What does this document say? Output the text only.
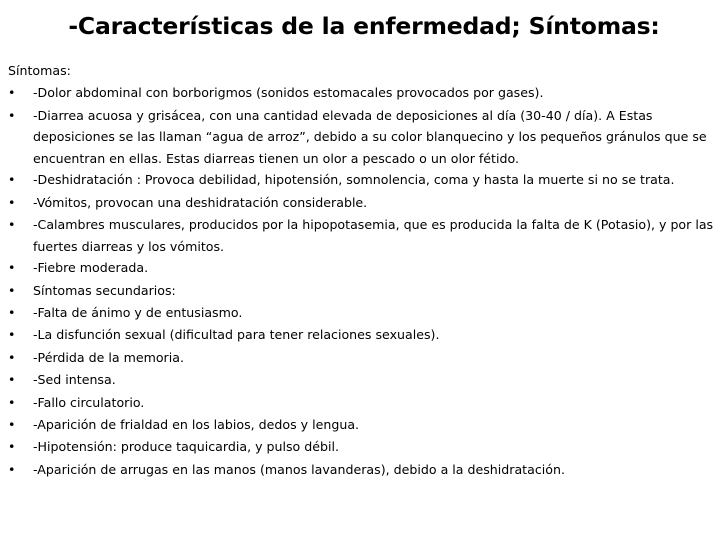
-Características de la enfermedad; Síntomas:

Síntomas:

• -Dolor abdominal con borborigmos (sonidos estomacales provocados por gases).
• -Diarrea acuosa y grisácea, con una cantidad elevada de deposiciones al día (30-40 / día). A Estas deposiciones se las llaman “agua de arroz”, debido a su color blanquecino y los pequeños gránulos que se encuentran en ellas. Estas diarreas tienen un olor a pescado o un olor fétido.
• -Deshidratación : Provoca debilidad, hipotensión, somnolencia, coma y hasta la muerte si no se trata.
• -Vómitos, provocan una deshidratación considerable.
• -Calambres musculares, producidos por la hipopotasemia, que es producida la falta de K (Potasio), y por las fuertes diarreas y los vómitos.
• -Fiebre moderada.
• Síntomas secundarios:
• -Falta de ánimo y de entusiasmo.
• -La disfunción sexual (dificultad para tener relaciones sexuales).
• -Pérdida de la memoria.
• -Sed intensa.
• -Fallo circulatorio.
• -Aparición de frialdad en los labios, dedos y lengua.
• -Hipotensión: produce taquicardia, y pulso débil.
• -Aparición de arrugas en las manos (manos lavanderas), debido a la deshidratación.
